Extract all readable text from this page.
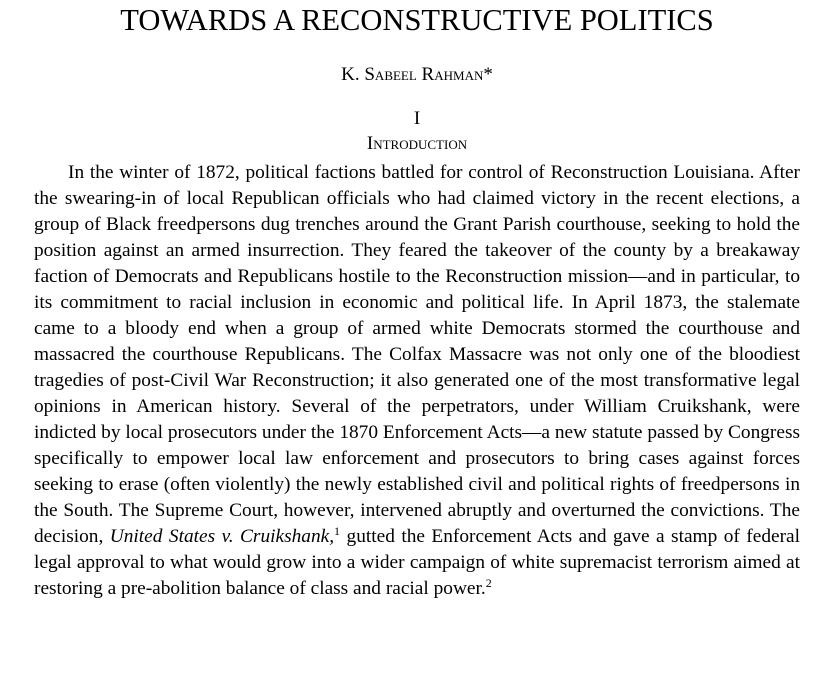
TOWARDS A RECONSTRUCTIVE POLITICS
K. Sabeel Rahman*
I
Introduction

In the winter of 1872, political factions battled for control of Reconstruction Louisiana. After the swearing-in of local Republican officials who had claimed victory in the recent elections, a group of Black freedpersons dug trenches around the Grant Parish courthouse, seeking to hold the position against an armed insurrection. They feared the takeover of the county by a breakaway faction of Democrats and Republicans hostile to the Reconstruction mission—and in particular, to its commitment to racial inclusion in economic and political life. In April 1873, the stalemate came to a bloody end when a group of armed white Democrats stormed the courthouse and massacred the courthouse Republicans. The Colfax Massacre was not only one of the bloodiest tragedies of post-Civil War Reconstruction; it also generated one of the most transformative legal opinions in American history. Several of the perpetrators, under William Cruikshank, were indicted by local prosecutors under the 1870 Enforcement Acts—a new statute passed by Congress specifically to empower local law enforcement and prosecutors to bring cases against forces seeking to erase (often violently) the newly established civil and political rights of freedpersons in the South. The Supreme Court, however, intervened abruptly and overturned the convictions. The decision, United States v. Cruikshank,$^1$ gutted the Enforcement Acts and gave a stamp of federal legal approval to what would grow into a wider campaign of white supremacist terrorism aimed at restoring a pre-abolition balance of class and racial power.$^2$
